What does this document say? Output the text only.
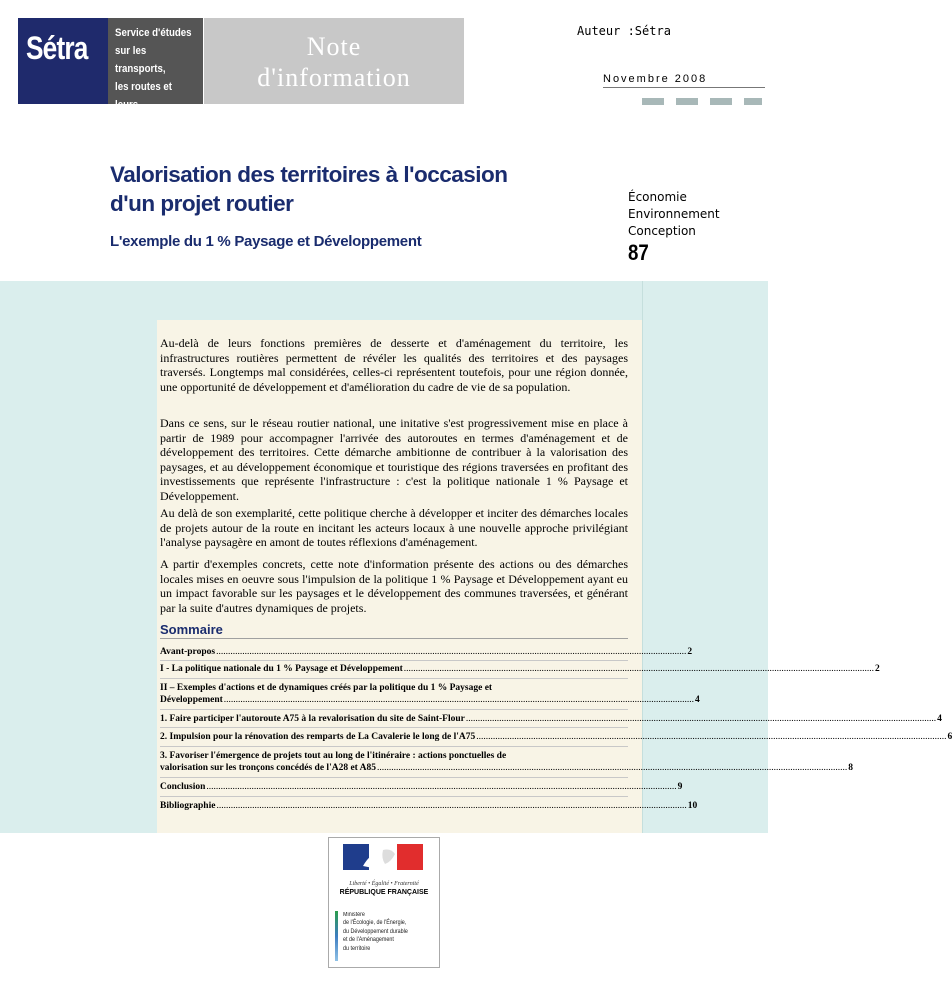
Sétra Service d'études
sur les transports,
les routes et leurs
aménagements
Note
d'information
Auteur :Sétra
Novembre 2008
Valorisation des territoires à l'occasion d'un projet routier
L'exemple du 1 % Paysage et Développement
Économie
Environnement
Conception
87
Au-delà de leurs fonctions premières de desserte et d'aménagement du territoire, les infrastructures routières permettent de révéler les qualités des territoires et des paysages traversés. Longtemps mal considérées, celles-ci représentent toutefois, pour une région donnée, une opportunité de développement et d'amélioration du cadre de vie de sa population.
Dans ce sens, sur le réseau routier national, une initative s'est progressivement mise en place à partir de 1989 pour accompagner l'arrivée des autoroutes en termes d'aménagement et de développement des territoires. Cette démarche ambitionne de contribuer à la valorisation des paysages, et au développement économique et touristique des régions traversées en profitant des investissements que représente l'infrastructure : c'est la politique nationale 1 % Paysage et Développement.
Au delà de son exemplarité, cette politique cherche à développer et inciter des démarches locales de projets autour de la route en incitant les acteurs locaux à une nouvelle approche privilégiant l'analyse paysagère en amont de toutes réflexions d'aménagement.
A partir d'exemples concrets, cette note d'information présente des actions ou des démarches locales mises en oeuvre sous l'impulsion de la politique 1 % Paysage et Développement ayant eu un impact favorable sur les paysages et le développement des communes traversées, et générant par la suite d'autres dynamiques de projets.
Sommaire
Avant-propos ...................................................................................................................................................................................................... 2
I - La politique nationale du 1 % Paysage et Développement ...................................................................................................................................................................................................... 2
II – Exemples d'actions et de dynamiques créés par la politique du 1 % Paysage et
Développement ...................................................................................................................................................................................................... 4
1. Faire participer l'autoroute A75 à la revalorisation du site de Saint-Flour ...................................................................................................................................................................................................... 4
2. Impulsion pour la rénovation des remparts de La Cavalerie le long de l'A75 ...................................................................................................................................................................................................... 6
3. Favoriser l'émergence de projets tout au long de l'itinéraire : actions ponctuelles de
valorisation sur les tronçons concédés de l'A28 et A85 ...................................................................................................................................................................................................... 8
Conclusion ...................................................................................................................................................................................................... 9
Bibliographie ...................................................................................................................................................................................................... 10
Liberté • Égalité • Fraternité
RÉPUBLIQUE FRANÇAISE
Ministère
de l'Écologie, de l'Énergie,
du Développement durable
et de l'Aménagement
du territoire
